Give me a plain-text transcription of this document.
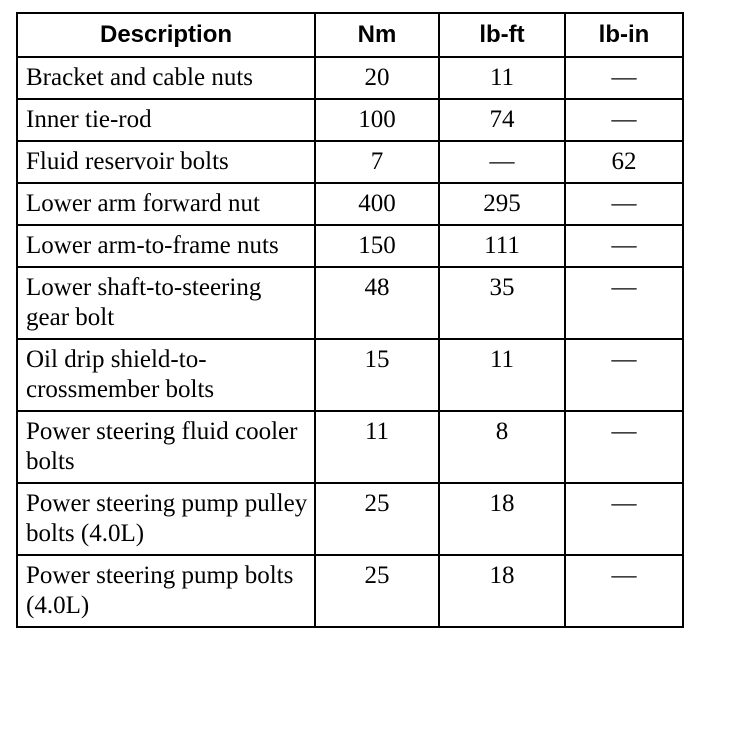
Description	Nm	lb-ft	lb-in
Bracket and cable nuts	20	11	—
Inner tie-rod	100	74	—
Fluid reservoir bolts	7	—	62
Lower arm forward nut	400	295	—
Lower arm-to-frame nuts	150	111	—
Lower shaft-to-steering gear bolt	48	35	—
Oil drip shield-to-crossmember bolts	15	11	—
Power steering fluid cooler bolts	11	8	—
Power steering pump pulley bolts (4.0L)	25	18	—
Power steering pump bolts (4.0L)	25	18	—
